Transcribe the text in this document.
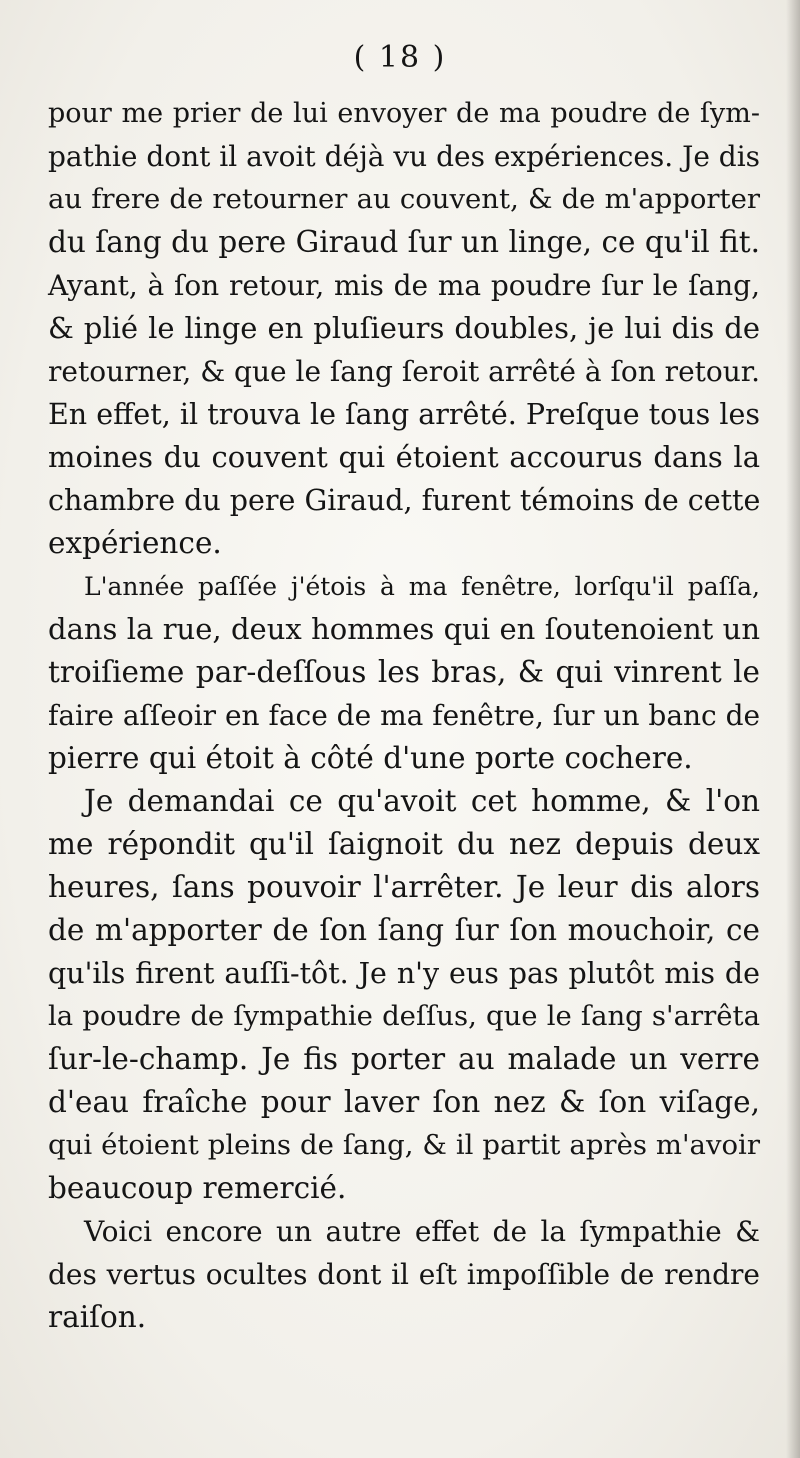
( 18 )
pour me prier de lui envoyer de ma poudre de ſym-
pathie dont il avoit déjà vu des expériences. Je dis
au frere de retourner au couvent, & de m'apporter
du ſang du pere Giraud ſur un linge, ce qu'il fit.
Ayant, à ſon retour, mis de ma poudre ſur le ſang,
& plié le linge en pluſieurs doubles, je lui dis de
retourner, & que le ſang ſeroit arrêté à ſon retour.
En effet, il trouva le ſang arrêté. Preſque tous les
moines du couvent qui étoient accourus dans la
chambre du pere Giraud, furent témoins de cette
expérience.
L'année paſſée j'étois à ma fenêtre, lorſqu'il paſſa,
dans la rue, deux hommes qui en ſoutenoient un
troiſieme par-deſſous les bras, & qui vinrent le
faire aſſeoir en face de ma fenêtre, ſur un banc de
pierre qui étoit à côté d'une porte cochere.
Je demandai ce qu'avoit cet homme, & l'on
me répondit qu'il ſaignoit du nez depuis deux
heures, ſans pouvoir l'arrêter. Je leur dis alors
de m'apporter de ſon ſang ſur ſon mouchoir, ce
qu'ils firent auſſi-tôt. Je n'y eus pas plutôt mis de
la poudre de ſympathie deſſus, que le ſang s'arrêta
ſur-le-champ. Je fis porter au malade un verre
d'eau fraîche pour laver ſon nez & ſon viſage,
qui étoient pleins de ſang, & il partit après m'avoir
beaucoup remercié.
Voici encore un autre effet de la ſympathie &
des vertus ocultes dont il eſt impoſſible de rendre
raiſon.
